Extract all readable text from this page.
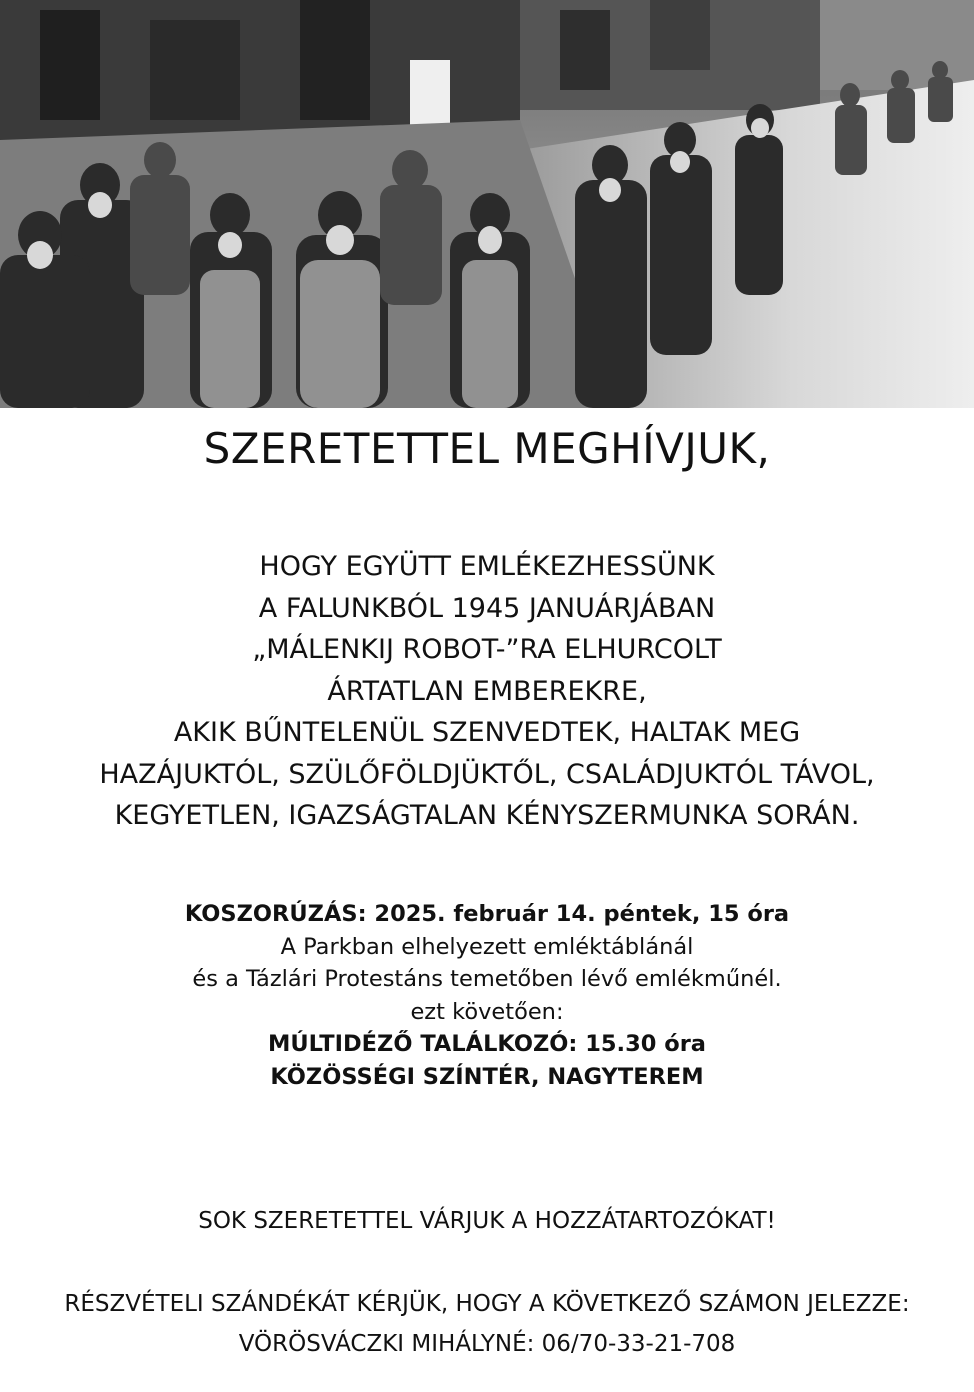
SZERETETTEL MEGHÍVJUK,
HOGY EGYÜTT EMLÉKEZHESSÜNK
A FALUNKBÓL 1945 JANUÁRJÁBAN
„MÁLENKIJ ROBOT-”RA ELHURCOLT
ÁRTATLAN EMBEREKRE,
AKIK BŰNTELENÜL SZENVEDTEK, HALTAK MEG
HAZÁJUKTÓL, SZÜLŐFÖLDJÜKTŐL, CSALÁDJUKTÓL TÁVOL,
KEGYETLEN, IGAZSÁGTALAN KÉNYSZERMUNKA SORÁN.
KOSZORÚZÁS: 2025. február 14. péntek, 15 óra
A Parkban elhelyezett emléktáblánál
és a Tázlári Protestáns temetőben lévő emlékműnél.
ezt követően:
MÚLTIDÉZŐ TALÁLKOZÓ: 15.30 óra
KÖZÖSSÉGI SZÍNTÉR, NAGYTEREM
SOK SZERETETTEL VÁRJUK A HOZZÁTARTOZÓKAT!
RÉSZVÉTELI SZÁNDÉKÁT KÉRJÜK, HOGY A KÖVETKEZŐ SZÁMON JELEZZE:
VÖRÖSVÁCZKI MIHÁLYNÉ: 06/70-33-21-708
